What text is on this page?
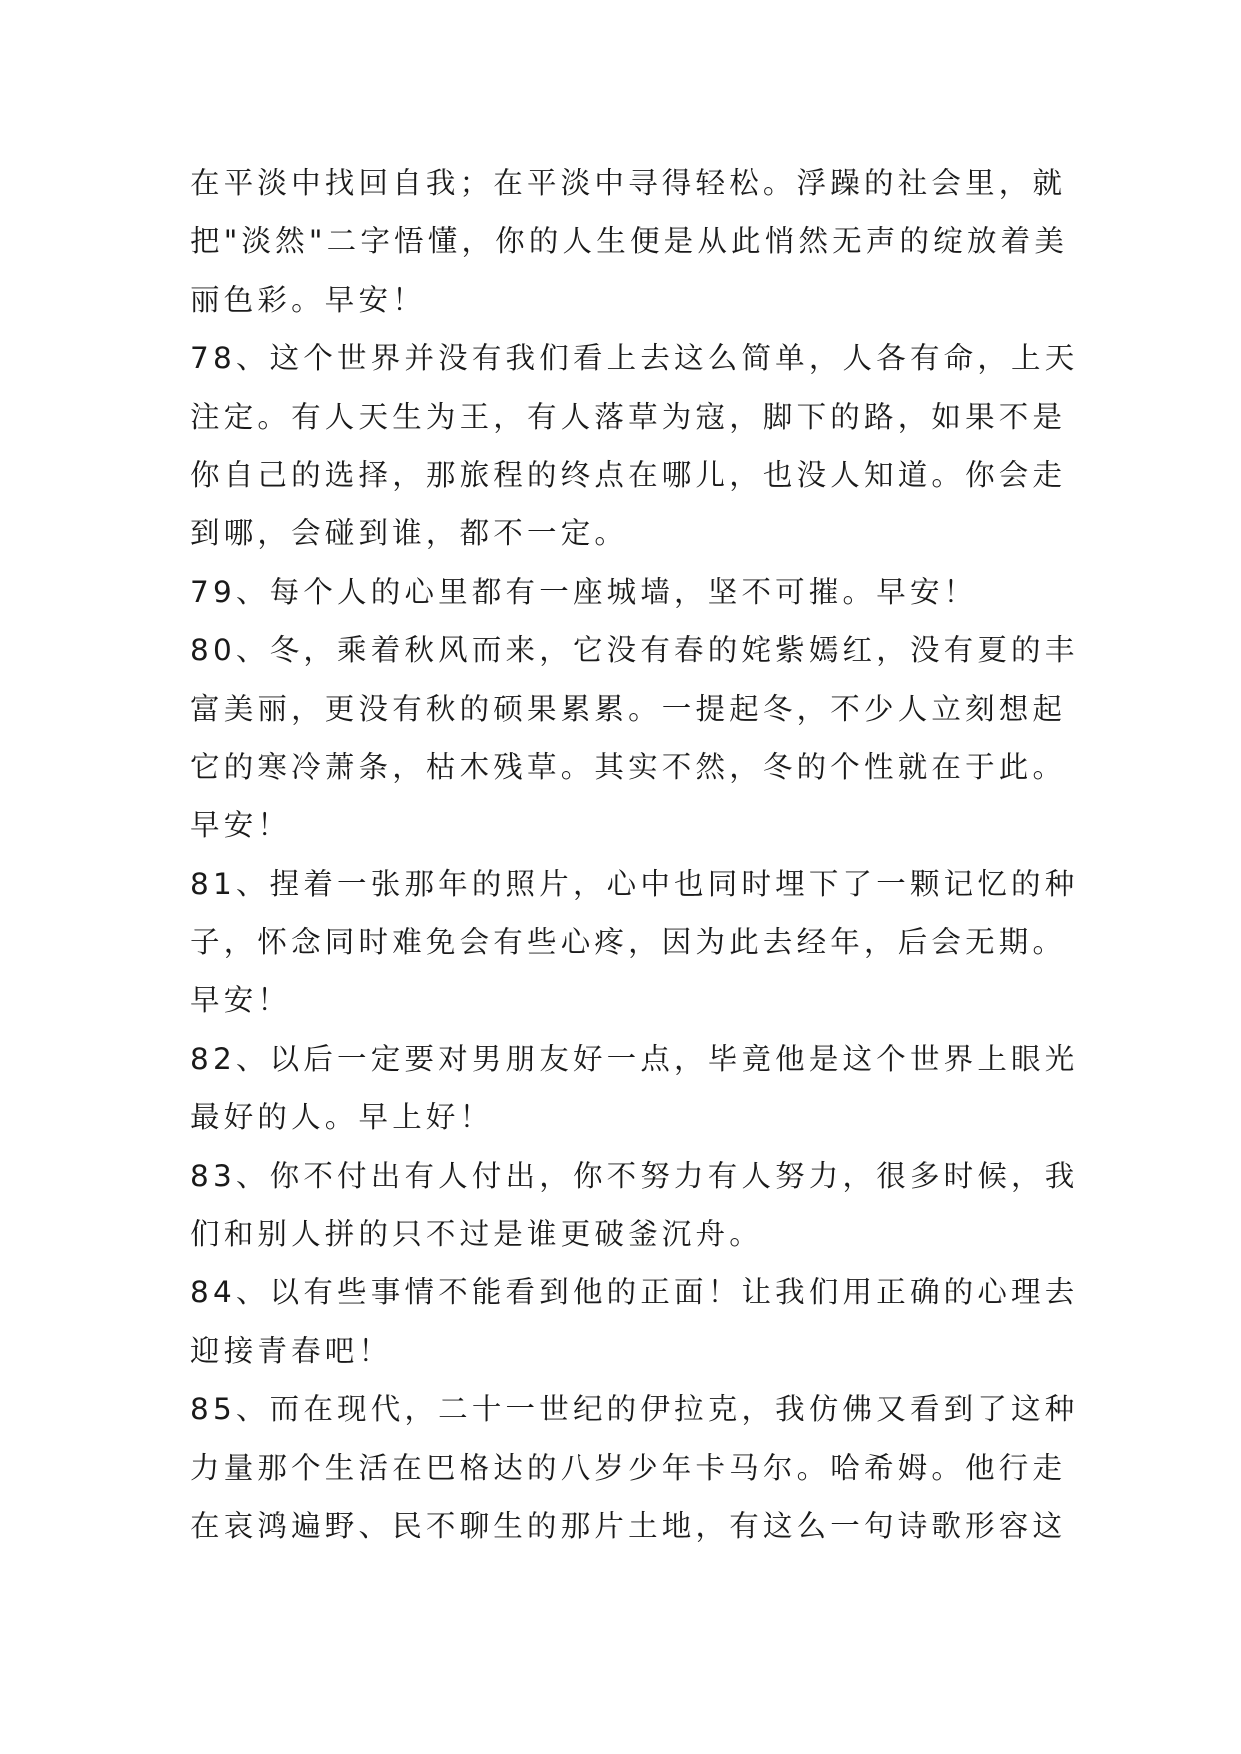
在平淡中找回自我；在平淡中寻得轻松。浮躁的社会里，就
把"淡然"二字悟懂，你的人生便是从此悄然无声的绽放着美
丽色彩。早安！
78、这个世界并没有我们看上去这么简单，人各有命，上天
注定。有人天生为王，有人落草为寇，脚下的路，如果不是
你自己的选择，那旅程的终点在哪儿，也没人知道。你会走
到哪，会碰到谁，都不一定。
79、每个人的心里都有一座城墙，坚不可摧。早安！
80、冬，乘着秋风而来，它没有春的姹紫嫣红，没有夏的丰
富美丽，更没有秋的硕果累累。一提起冬，不少人立刻想起
它的寒冷萧条，枯木残草。其实不然，冬的个性就在于此。
早安！
81、捏着一张那年的照片，心中也同时埋下了一颗记忆的种
子，怀念同时难免会有些心疼，因为此去经年，后会无期。
早安！
82、以后一定要对男朋友好一点，毕竟他是这个世界上眼光
最好的人。早上好！
83、你不付出有人付出，你不努力有人努力，很多时候，我
们和别人拼的只不过是谁更破釜沉舟。
84、以有些事情不能看到他的正面！让我们用正确的心理去
迎接青春吧！
85、而在现代，二十一世纪的伊拉克，我仿佛又看到了这种
力量那个生活在巴格达的八岁少年卡马尔。哈希姆。他行走
在哀鸿遍野、民不聊生的那片土地，有这么一句诗歌形容这
